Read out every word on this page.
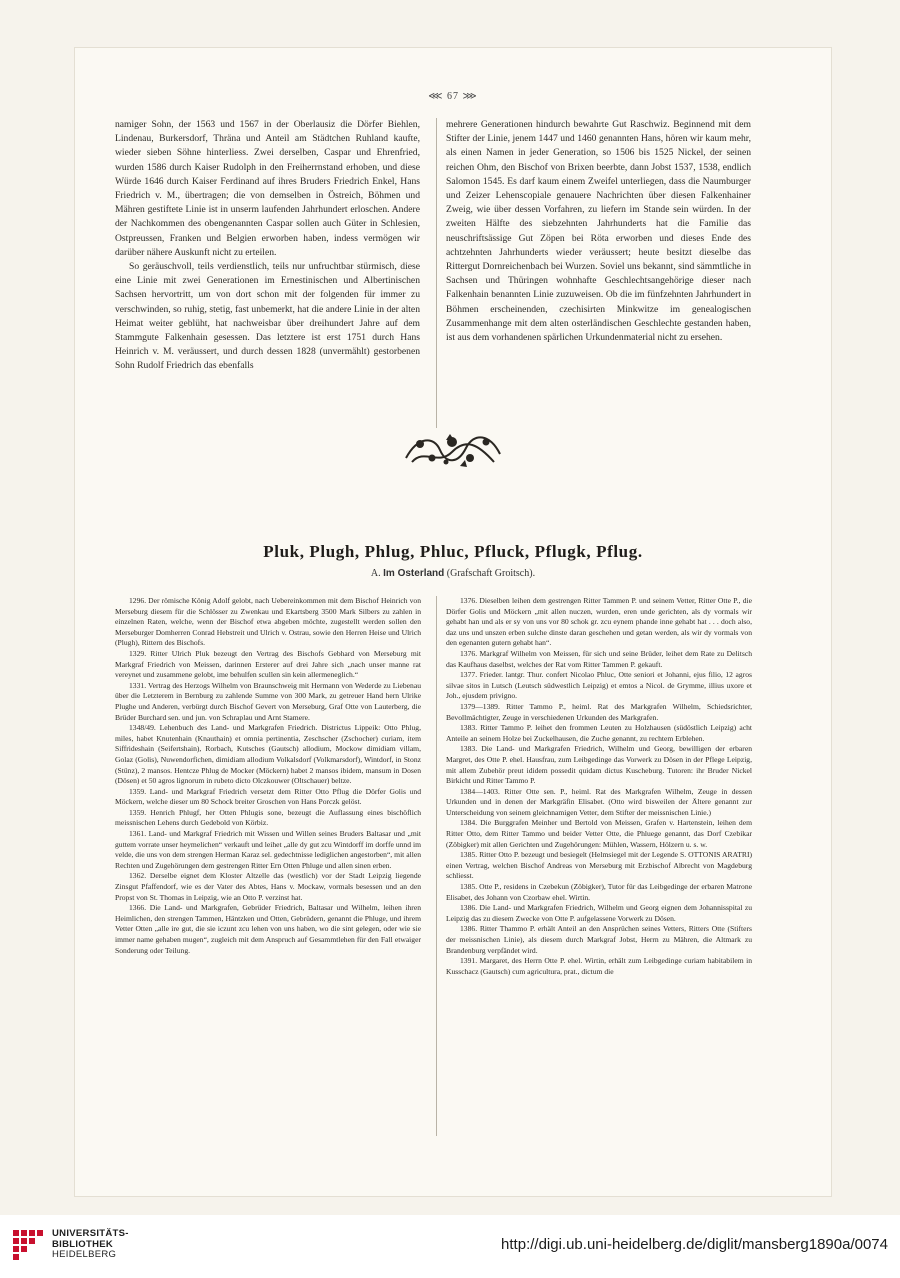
⋘ 67 ⋙

namiger Sohn, der 1563 und 1567 in der Oberlausiz die Dörfer Biehlen, Lindenau, Burkersdorf, Thräna und Anteil am Städtchen Ruhland kaufte, wieder sieben Söhne hinterliess. Zwei derselben, Caspar und Ehrenfried, wurden 1586 durch Kaiser Rudolph in den Freiherrnstand erhoben, und diese Würde 1646 durch Kaiser Ferdinand auf ihres Bruders Friedrich Enkel, Hans Friedrich v. M., übertragen; die von demselben in Östreich, Böhmen und Mähren gestiftete Linie ist in unserm laufenden Jahrhundert erloschen. Andere der Nachkommen des obengenannten Caspar sollen auch Güter in Schlesien, Ostpreussen, Franken und Belgien erworben haben, indess vermögen wir darüber nähere Auskunft nicht zu erteilen.

So geräuschvoll, teils verdienstlich, teils nur unfruchtbar stürmisch, diese eine Linie mit zwei Generationen im Ernestinischen und Albertinischen Sachsen hervortritt, um von dort schon mit der folgenden für immer zu verschwinden, so ruhig, stetig, fast unbemerkt, hat die andere Linie in der alten Heimat weiter geblüht, hat nachweisbar über dreihundert Jahre auf dem Stammgute Falkenhain gesessen. Das letztere ist erst 1751 durch Hans Heinrich v. M. veräussert, und durch dessen 1828 (unvermählt) gestorbenen Sohn Rudolf Friedrich das ebenfalls

mehrere Generationen hindurch bewahrte Gut Raschwiz. Beginnend mit dem Stifter der Linie, jenem 1447 und 1460 genannten Hans, hören wir kaum mehr, als einen Namen in jeder Generation, so 1506 bis 1525 Nickel, der seinen reichen Ohm, den Bischof von Brixen beerbte, dann Jobst 1537, 1538, endlich Salomon 1545. Es darf kaum einem Zweifel unterliegen, dass die Naumburger und Zeizer Lehenscopiale genauere Nachrichten über diesen Falkenhainer Zweig, wie über dessen Vorfahren, zu liefern im Stande sein würden. In der zweiten Hälfte des siebzehnten Jahrhunderts hat die Familie das neuschriftsässige Gut Zöpen bei Röta erworben und dieses Ende des achtzehnten Jahrhunderts wieder veräussert; heute besitzt dieselbe das Rittergut Dornreichenbach bei Wurzen. Soviel uns bekannt, sind sämmtliche in Sachsen und Thüringen wohnhafte Geschlechtsangehörige dieser nach Falkenhain benannten Linie zuzuweisen. Ob die im fünfzehnten Jahrhundert in Böhmen erscheinenden, czechisirten Minkwitze im genealogischen Zusammenhange mit dem alten osterländischen Geschlechte gestanden haben, ist aus dem vorhandenen spärlichen Urkundenmaterial nicht zu ersehen.

Pluk, Plugh, Phlug, Phluc, Pfluck, Pflugk, Pflug.
A. Im Osterland (Grafschaft Groitsch).

1296. Der römische König Adolf gelobt, nach Uebereinkommen mit dem Bischof Heinrich von Merseburg diesem für die Schlösser zu Zwenkau und Ekartsberg 3500 Mark Silbers zu zahlen in einzelnen Raten, welche, wenn der Bischof etwa abgeben möchte, zugestellt werden sollen den Merseburger Domherren Conrad Hebstreit und Ulrich v. Ostrau, sowie den Herren Heise und Ulrich (Plugh), Rittern des Bischofs.

1329. Ritter Ulrich Pluk bezeugt den Vertrag des Bischofs Gebhard von Merseburg mit Markgraf Friedrich von Meissen, darinnen Ersterer auf drei Jahre sich „nach unser manne rat vereynet und zusammene gelobt, ime behulfen scullen sin kein allermeneglich.“

1331. Vertrag des Herzogs Wilhelm von Braunschweig mit Hermann von Wederde zu Liebenau über die Letzterem in Bernburg zu zahlende Summe von 300 Mark, zu getreuer Hand hern Ulrike Plughe und Anderen, verbürgt durch Bischof Gevert von Merseburg, Graf Otte von Lauterberg, die Brüder Burchard sen. und jun. von Schraplau und Arnt Stamere.

1348/49. Lehenbuch des Land- und Markgrafen Friedrich. Districtus Lippeik: Otto Phlug, miles, habet Knutenhain (Knauthain) et omnia pertinentia, Zeschscher (Zschocher) curiam, item Siffrideshain (Seifertshain), Rorbach, Kutsches (Gautsch) allodium, Mockow dimidiam villam, Golaz (Golis), Nuwendorfichen, dimidiam allodium Volkalsdorf (Volkmarsdorf), Wintdorf, in Stonz (Stünz), 2 mansos. Hentcze Phlug de Mocker (Möckern) habet 2 mansos ibidem, mansum in Dosen (Dösen) et 50 agros lignorum in rubeto dicto Olczkouwer (Oltschauer) beltze.

1359. Land- und Markgraf Friedrich versetzt dem Ritter Otto Pflug die Dörfer Golis und Möckern, welche dieser um 80 Schock breiter Groschen von Hans Porczk gelöst.

1359. Henrich Phlugf, her Otten Phlugis sone, bezeugt die Auflassung eines bischöflich meissnischen Lehens durch Gedebold von Körbiz.

1361. Land- und Markgraf Friedrich mit Wissen und Willen seines Bruders Baltasar und „mit guttem vorrate unser heymelichen“ verkauft und leihet „alle dy gut zcu Wintdorff im dorffe unnd im velde, die uns von dem strengen Herman Karaz sel. gedechtnisse lediglichen angestorben“, mit allen Rechten und Zugehörungen dem gestrengen Ritter Ern Otten Phluge und allen sinen erben.

1362. Derselbe eignet dem Kloster Altzelle das (westlich) vor der Stadt Leipzig liegende Zinsgut Pfaffendorf, wie es der Vater des Abtes, Hans v. Mockaw, vormals besessen und an den Propst von St. Thomas in Leipzig, wie an Otto P. verzinst hat.

1366. Die Land- und Markgrafen, Gebrüder Friedrich, Baltasar und Wilhelm, leihen ihren Heimlichen, den strengen Tammen, Häntzken und Otten, Gebrüdern, genannt die Phluge, und ihrem Vetter Otten „alle ire gut, die sie iczunt zcu lehen von uns haben, wo die sint gelegen, oder wie sie immer name gehaben mugen“, zugleich mit dem Anspruch auf Gesammtlehen für den Fall etwaiger Sonderung oder Teilung.

1376. Dieselben leihen dem gestrengen Ritter Tammen P. und seinem Vetter, Ritter Otte P., die Dörfer Golis und Möckern „mit allen nuczen, wurden, eren unde gerichten, als dy vormals wir gehabt han und als er sy von uns vor 80 schok gr. zcu eynem phande inne gehabt hat . . . doch also, daz uns und unszen erben sulche dinste daran geschehen und getan werden, als wir dy vormals von den egenanten gutern gehabt han“.

1376. Markgraf Wilhelm von Meissen, für sich und seine Brüder, leihet dem Rate zu Delitsch das Kaufhaus daselbst, welches der Rat vom Ritter Tammen P. gekauft.

1377. Frieder. lantgr. Thur. confert Nicolao Phluc, Otte seniori et Johanni, ejus filio, 12 agros silvae sitos in Lutsch (Leutsch südwestlich Leipzig) et emtos a Nicol. de Grymme, illius uxore et Joh., ejusdem privigno.

1379—1389. Ritter Tammo P., heiml. Rat des Markgrafen Wilhelm, Schiedsrichter, Bevollmächtigter, Zeuge in verschiedenen Urkunden des Markgrafen.

1383. Ritter Tammo P. leihet den frommen Leuten zu Holzhausen (südöstlich Leipzig) acht Anteile an seinem Holze bei Zuckelhausen, die Zuche genannt, zu rechtem Erblehen.

1383. Die Land- und Markgrafen Friedrich, Wilhelm und Georg, bewilligen der erbaren Margret, des Otte P. ehel. Hausfrau, zum Leibgedinge das Vorwerk zu Dösen in der Pflege Leipzig, mit allem Zubehör preut ididem possedit quidam dictus Kuscheburg. Tutoren: ihr Bruder Nickel Birkicht und Ritter Tammo P.

1384—1403. Ritter Otte sen. P., heiml. Rat des Markgrafen Wilhelm, Zeuge in dessen Urkunden und in denen der Markgräfin Elisabet. (Otto wird bisweilen der Ältere genannt zur Unterscheidung von seinem gleichnamigen Vetter, dem Stifter der meissnischen Linie.)

1384. Die Burggrafen Meinher und Bertold von Meissen, Grafen v. Hartenstein, leihen dem Ritter Otto, dem Ritter Tammo und beider Vetter Otte, die Phluege genannt, das Dorf Czebikar (Zöbigker) mit allen Gerichten und Zugehörungen: Mühlen, Wassern, Hölzern u. s. w.

1385. Ritter Otto P. bezeugt und besiegelt (Helmsiegel mit der Legende S. OTTONIS ARATRI) einen Vertrag, welchen Bischof Andreas von Merseburg mit Erzbischof Albrecht von Magdeburg schliesst.

1385. Otte P., residens in Czebekun (Zöbigker), Tutor für das Leibgedinge der erbaren Matrone Elisabet, des Johann von Czorbaw ehel. Wirtin.

1386. Die Land- und Markgrafen Friedrich, Wilhelm und Georg eignen dem Johannisspital zu Leipzig das zu diesem Zwecke von Otte P. aufgelassene Vorwerk zu Dösen.

1386. Ritter Thammo P. erhält Anteil an den Ansprüchen seines Vetters, Ritters Otte (Stifters der meissnischen Linie), als diesem durch Markgraf Jobst, Herrn zu Mähren, die Altmark zu Brandenburg verpfändet wird.

1391. Margaret, des Herrn Otte P. ehel. Wirtin, erhält zum Leibgedinge curiam habitabilem in Kusschacz (Gautsch) cum agricultura, prat., dictum die

UNIVERSITÄTS-
BIBLIOTHEK
HEIDELBERG
http://digi.ub.uni-heidelberg.de/diglit/mansberg1890a/0074
